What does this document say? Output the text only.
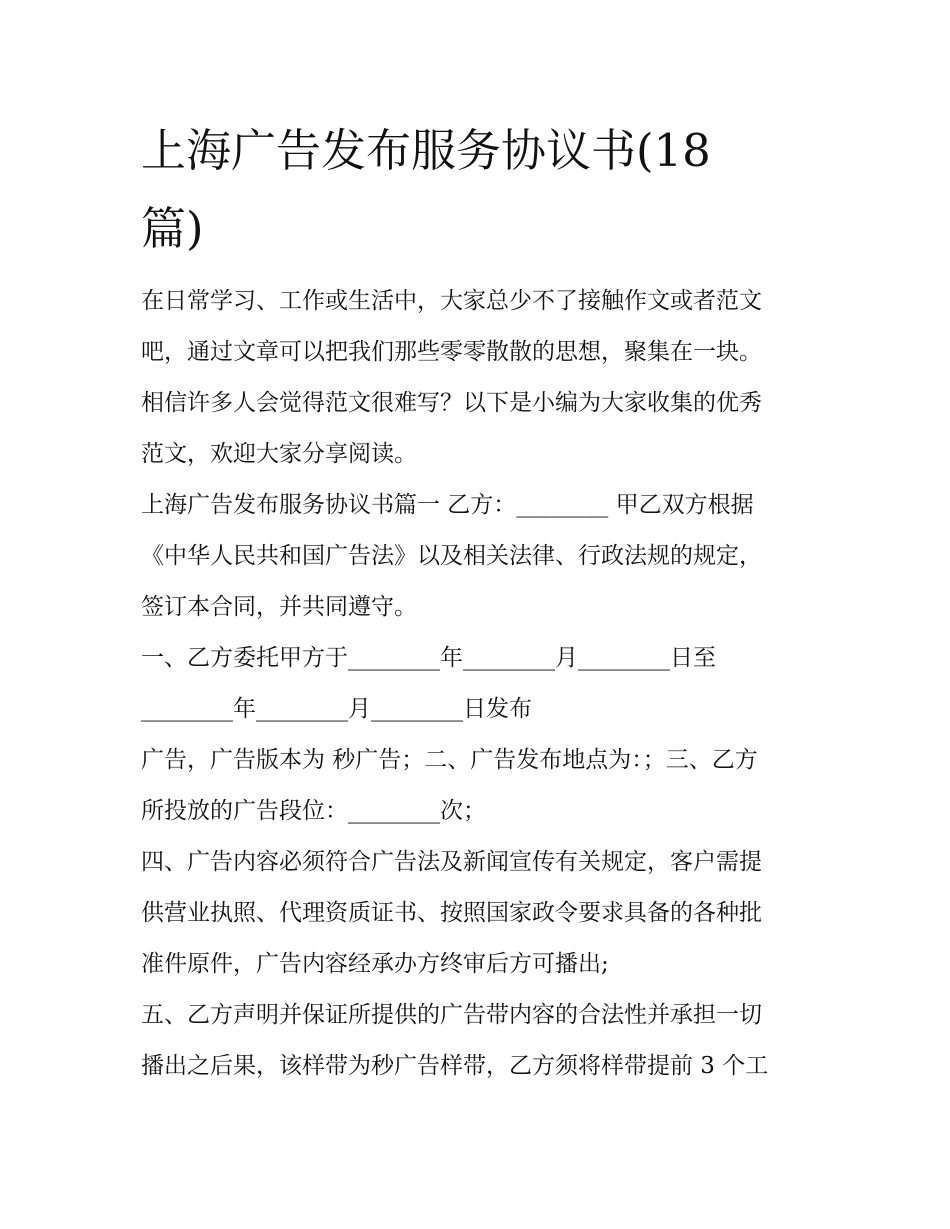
上海广告发布服务协议书(18
篇)
在日常学习、工作或生活中，大家总少不了接触作文或者范文
吧，通过文章可以把我们那些零零散散的思想，聚集在一块。
相信许多人会觉得范文很难写？以下是小编为大家收集的优秀
范文，欢迎大家分享阅读。
上海广告发布服务协议书篇一 乙方：________ 甲乙双方根据
《中华人民共和国广告法》以及相关法律、行政法规的规定，
签订本合同，并共同遵守。
一、乙方委托甲方于________年________月________日至
________年________月________日发布
广告，广告版本为 秒广告；二、广告发布地点为：；三、乙方
所投放的广告段位：________次；
四、广告内容必须符合广告法及新闻宣传有关规定，客户需提
供营业执照、代理资质证书、按照国家政令要求具备的各种批
准件原件，广告内容经承办方终审后方可播出;
五、乙方声明并保证所提供的广告带内容的合法性并承担一切
播出之后果，该样带为秒广告样带，乙方须将样带提前 3 个工
